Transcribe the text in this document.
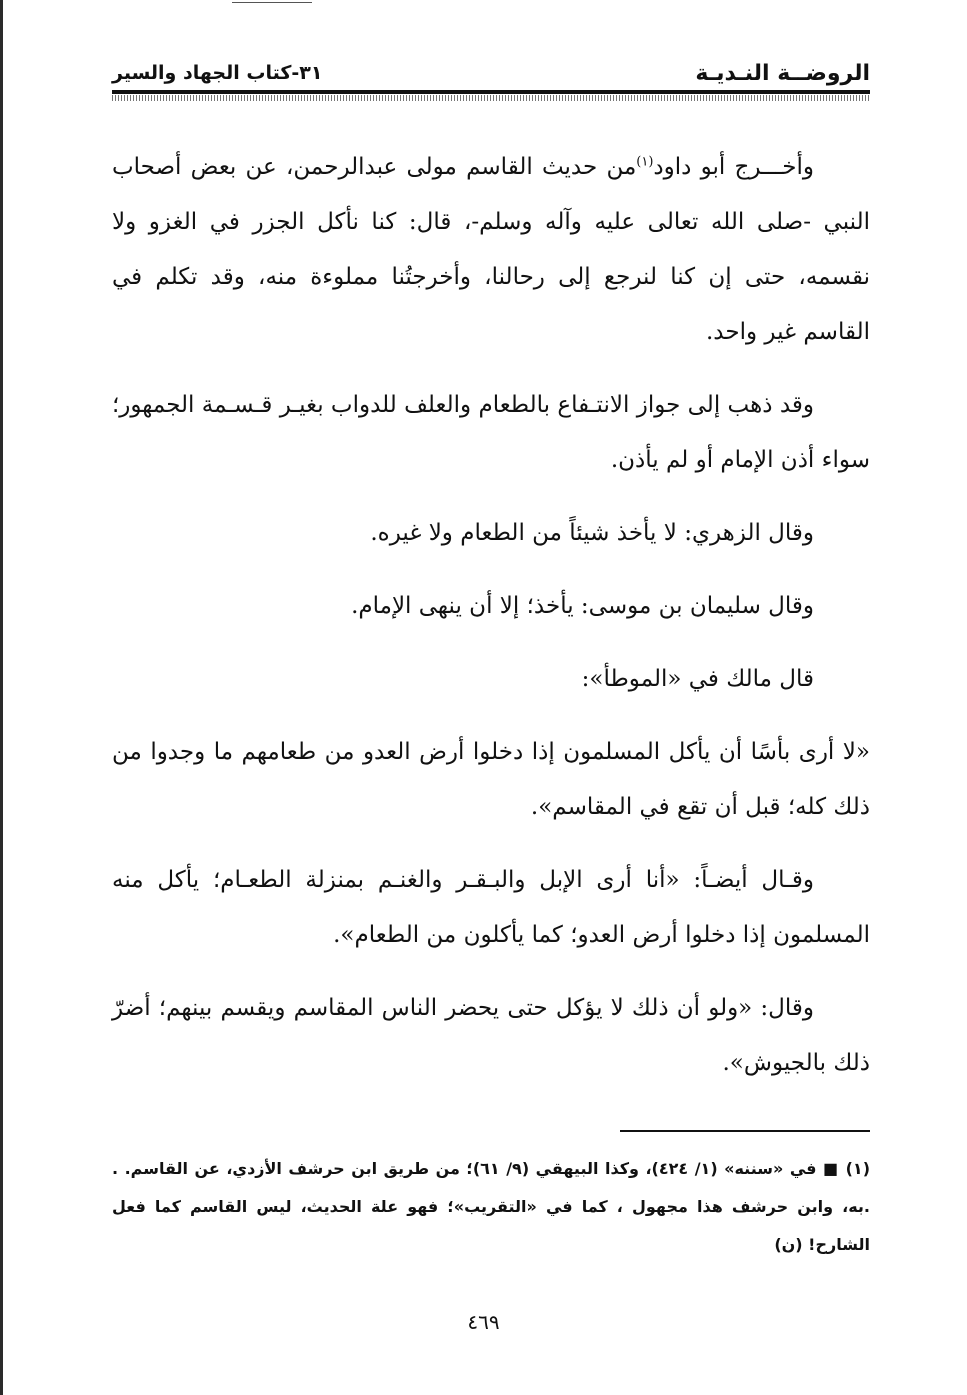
الروضــة النـديـة
٣١-كتاب الجهاد والسير

وأخـــرج أبو داود$^{(١)}$من حديث القاسم مولى عبدالرحمن، عن بعض أصحاب النبي -صلى الله تعالى عليه وآله وسلم-، قال: كنا نأكل الجزر في الغزو ولا نقسمه، حتى إن كنا لنرجع إلى رحالنا، وأخرجتُنا مملوءة منه، وقد تكلم في القاسم غير واحد.

وقد ذهب إلى جواز الانتـفاع بالطعام والعلف للدواب بغيـر قـسـمة الجمهور؛ سواء أذن الإمام أو لم يأذن.

وقال الزهري: لا يأخذ شيئاً من الطعام ولا غيره.

وقال سليمان بن موسى: يأخذ؛ إلا أن ينهى الإمام.

قال مالك في «الموطأ»:

«لا أرى بأسًا أن يأكل المسلمون إذا دخلوا أرض العدو من طعامهم ما وجدوا من ذلك كله؛ قبل أن تقع في المقاسم».

وقـال أيضـاً: «أنا أرى الإبل والبـقـر والغنـم بمنزلة الطعـام؛ يأكل منه المسلمون إذا دخلوا أرض العدو؛ كما يأكلون من الطعام».

وقال: «ولو أن ذلك لا يؤكل حتى يحضر الناس المقاسم ويقسم بينهم؛ أضرّ ذلك بالجيوش».

(١) ■ في «سننه» (١/ ٤٢٤)، وكذا البيهقي (٩/ ٦١)؛ من طريق ابن حرشف الأزدي، عن القاسم. . .به، وابن حرشف هذا مجهول ، كما في «التقريب»؛ فهو علة الحديث، ليس القاسم كما فعل الشارح! (ن)
٤٦٩
